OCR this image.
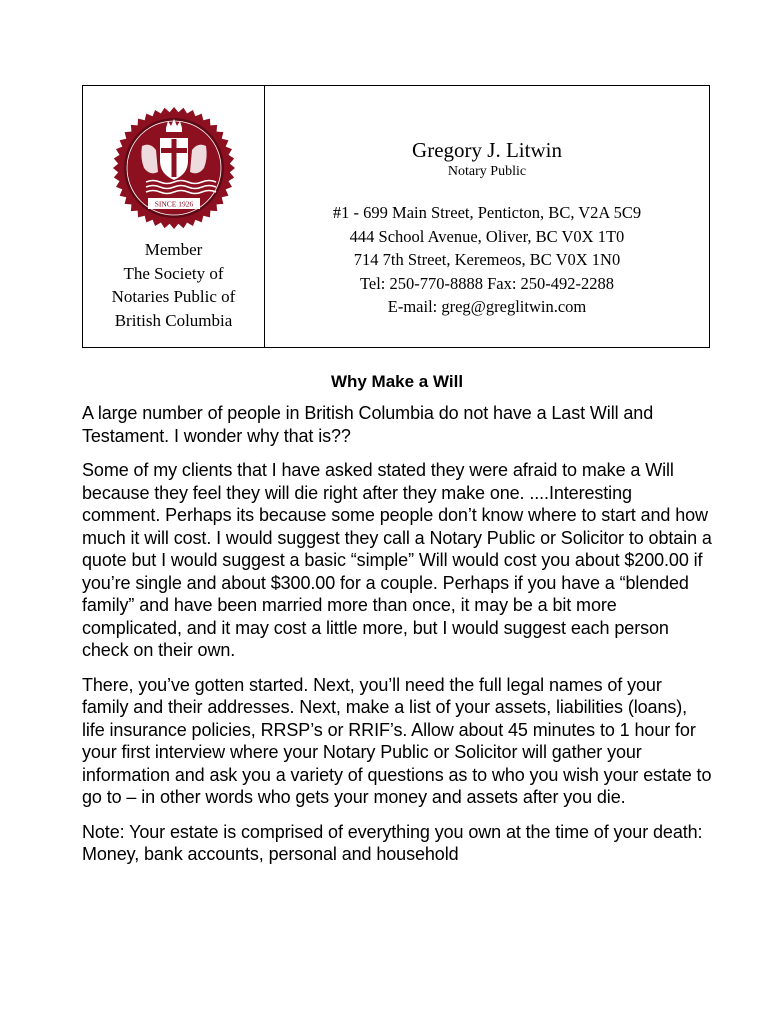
SINCE 1926
Member
The Society of
Notaries Public of
British Columbia
Gregory J. Litwin
Notary Public
#1 - 699 Main Street, Penticton, BC, V2A 5C9
444 School Avenue, Oliver, BC V0X 1T0
714 7th Street, Keremeos, BC V0X 1N0
Tel: 250-770-8888 Fax: 250-492-2288
E-mail: greg@greglitwin.com
Why Make a Will

A large number of people in British Columbia do not have a Last Will and Testament. I wonder why that is??

Some of my clients that I have asked stated they were afraid to make a Will because they feel they will die right after they make one. ....Interesting comment. Perhaps its because some people don’t know where to start and how much it will cost. I would suggest they call a Notary Public or Solicitor to obtain a quote but I would suggest a basic “simple” Will would cost you about $200.00 if you’re single and about $300.00 for a couple. Perhaps if you have a “blended family” and have been married more than once, it may be a bit more complicated, and it may cost a little more, but I would suggest each person check on their own.

There, you’ve gotten started. Next, you’ll need the full legal names of your family and their addresses. Next, make a list of your assets, liabilities (loans), life insurance policies, RRSP’s or RRIF’s. Allow about 45 minutes to 1 hour for your first interview where your Notary Public or Solicitor will gather your information and ask you a variety of questions as to who you wish your estate to go to – in other words who gets your money and assets after you die.

Note: Your estate is comprised of everything you own at the time of your death: Money, bank accounts, personal and household
